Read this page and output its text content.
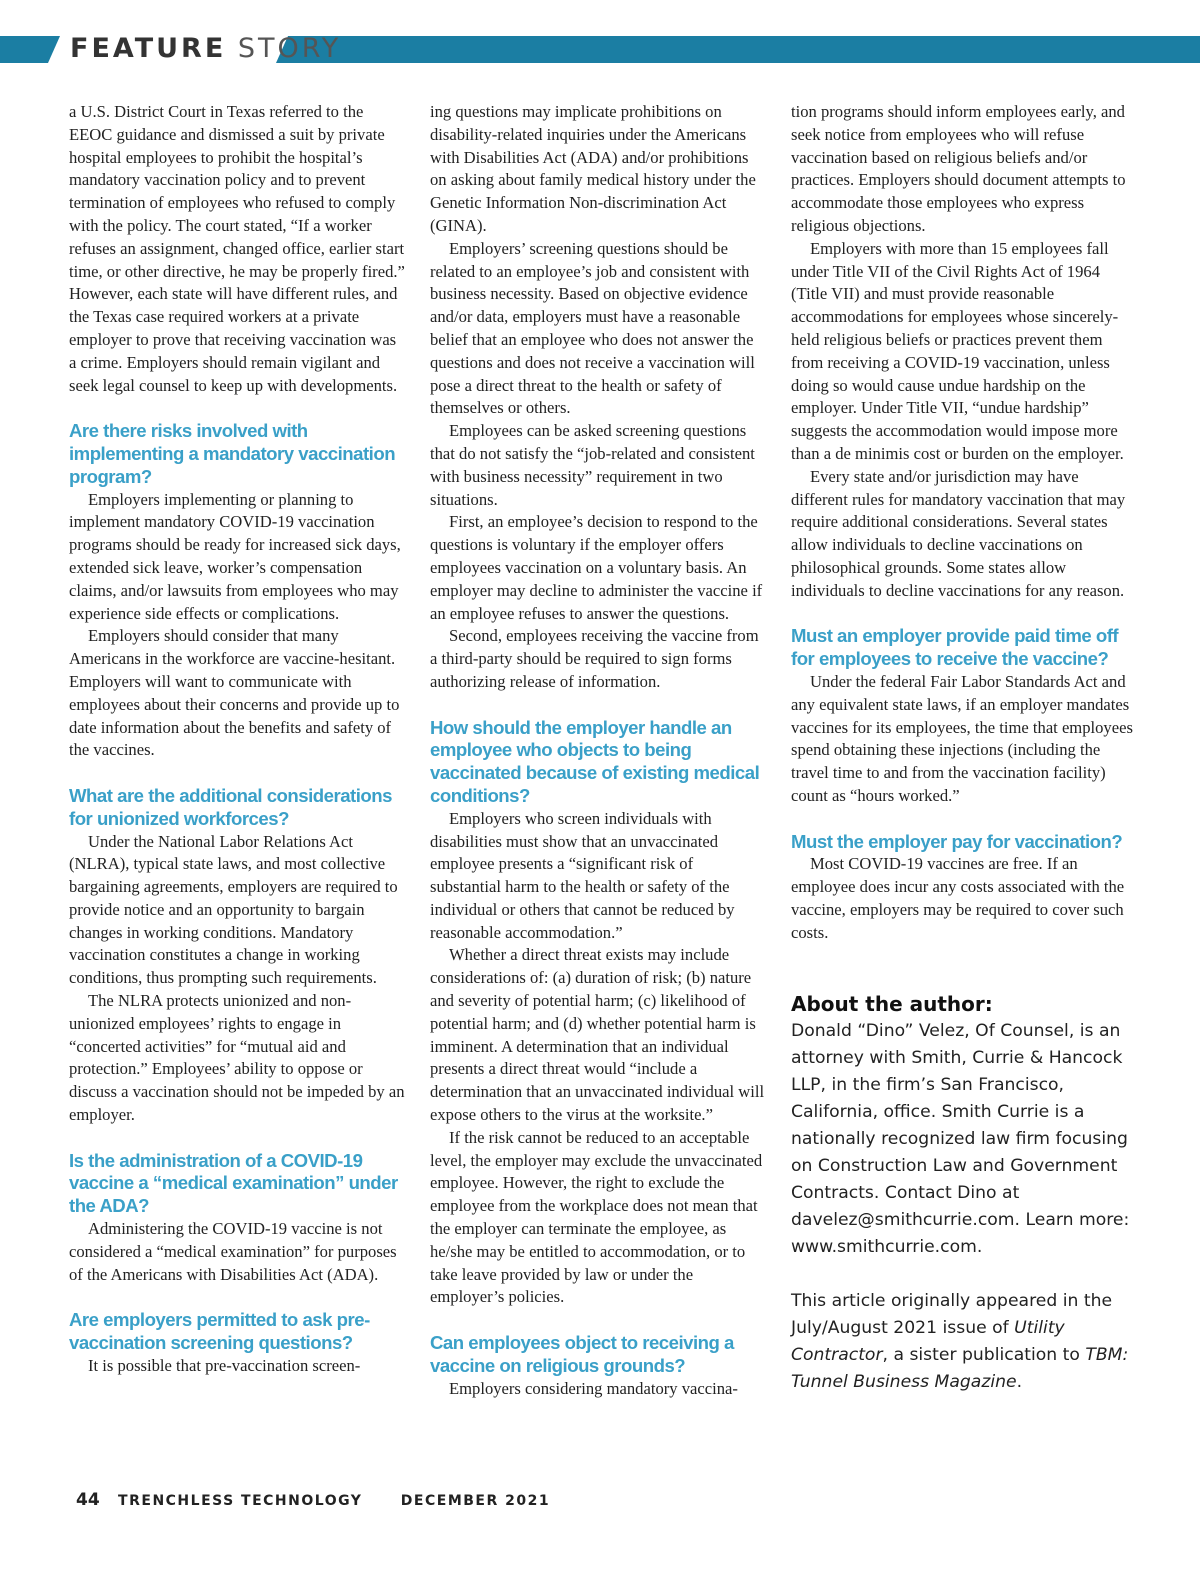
FEATURE STORY

a U.S. District Court in Texas referred to the EEOC guidance and dismissed a suit by private hospital employees to prohibit the hospital’s mandatory vaccination policy and to prevent termination of employees who refused to comply with the policy. The court stated, “If a worker refuses an assignment, changed office, earlier start time, or other directive, he may be properly fired.” However, each state will have different rules, and the Texas case required workers at a private employer to prove that receiving vaccination was a crime. Employers should remain vigilant and seek legal counsel to keep up with developments.

Are there risks involved with implementing a mandatory vaccination program?

Employers implementing or planning to implement mandatory COVID-19 vaccination programs should be ready for increased sick days, extended sick leave, worker’s compensation claims, and/or lawsuits from employees who may experience side effects or complications.

Employers should consider that many Americans in the workforce are vaccine-hesitant. Employers will want to communicate with employees about their concerns and provide up to date information about the benefits and safety of the vaccines.

What are the additional considerations for unionized workforces?

Under the National Labor Relations Act (NLRA), typical state laws, and most collective bargaining agreements, employers are required to provide notice and an opportunity to bargain changes in working conditions. Mandatory vaccination constitutes a change in working conditions, thus prompting such requirements.

The NLRA protects unionized and non-unionized employees’ rights to engage in “concerted activities” for “mutual aid and protection.” Employees’ ability to oppose or discuss a vaccination should not be impeded by an employer.

Is the administration of a COVID-19 vaccine a “medical examination” under the ADA?

Administering the COVID-19 vaccine is not considered a “medical examination” for purposes of the Americans with Disabilities Act (ADA).

Are employers permitted to ask pre-vaccination screening questions?

It is possible that pre-vaccination screen-

ing questions may implicate prohibitions on disability-related inquiries under the Americans with Disabilities Act (ADA) and/or prohibitions on asking about family medical history under the Genetic Information Non-discrimination Act (GINA).

Employers’ screening questions should be related to an employee’s job and consistent with business necessity. Based on objective evidence and/or data, employers must have a reasonable belief that an employee who does not answer the questions and does not receive a vaccination will pose a direct threat to the health or safety of themselves or others.

Employees can be asked screening questions that do not satisfy the “job-related and consistent with business necessity” requirement in two situations.

First, an employee’s decision to respond to the questions is voluntary if the employer offers employees vaccination on a voluntary basis. An employer may decline to administer the vaccine if an employee refuses to answer the questions.

Second, employees receiving the vaccine from a third-party should be required to sign forms authorizing release of information.

How should the employer handle an employee who objects to being vaccinated because of existing medical conditions?

Employers who screen individuals with disabilities must show that an unvaccinated employee presents a “significant risk of substantial harm to the health or safety of the individual or others that cannot be reduced by reasonable accommodation.”

Whether a direct threat exists may include considerations of: (a) duration of risk; (b) nature and severity of potential harm; (c) likelihood of potential harm; and (d) whether potential harm is imminent. A determination that an individual presents a direct threat would “include a determination that an unvaccinated individual will expose others to the virus at the worksite.”

If the risk cannot be reduced to an acceptable level, the employer may exclude the unvaccinated employee. However, the right to exclude the employee from the workplace does not mean that the employer can terminate the employee, as he/she may be entitled to accommodation, or to take leave provided by law or under the employer’s policies.

Can employees object to receiving a vaccine on religious grounds?

Employers considering mandatory vaccina-

tion programs should inform employees early, and seek notice from employees who will refuse vaccination based on religious beliefs and/or practices. Employers should document attempts to accommodate those employees who express religious objections.

Employers with more than 15 employees fall under Title VII of the Civil Rights Act of 1964 (Title VII) and must provide reasonable accommodations for employees whose sincerely-held religious beliefs or practices prevent them from receiving a COVID-19 vaccination, unless doing so would cause undue hardship on the employer. Under Title VII, “undue hardship” suggests the accommodation would impose more than a de minimis cost or burden on the employer.

Every state and/or jurisdiction may have different rules for mandatory vaccination that may require additional considerations. Several states allow individuals to decline vaccinations on philosophical grounds. Some states allow individuals to decline vaccinations for any reason.

Must an employer provide paid time off for employees to receive the vaccine?

Under the federal Fair Labor Standards Act and any equivalent state laws, if an employer mandates vaccines for its employees, the time that employees spend obtaining these injections (including the travel time to and from the vaccination facility) count as “hours worked.”

Must the employer pay for vaccination?

Most COVID-19 vaccines are free. If an employee does incur any costs associated with the vaccine, employers may be required to cover such costs.

About the author:

Donald “Dino” Velez, Of Counsel, is an attorney with Smith, Currie & Hancock LLP, in the firm’s San Francisco, California, office. Smith Currie is a nationally recognized law firm focusing on Construction Law and Government Contracts. Contact Dino at davelez@smithcurrie.com. Learn more: www.smithcurrie.com.

This article originally appeared in the July/August 2021 issue of Utility Contractor, a sister publication to TBM: Tunnel Business Magazine.

44 TRENCHLESS TECHNOLOGY	DECEMBER 2021
